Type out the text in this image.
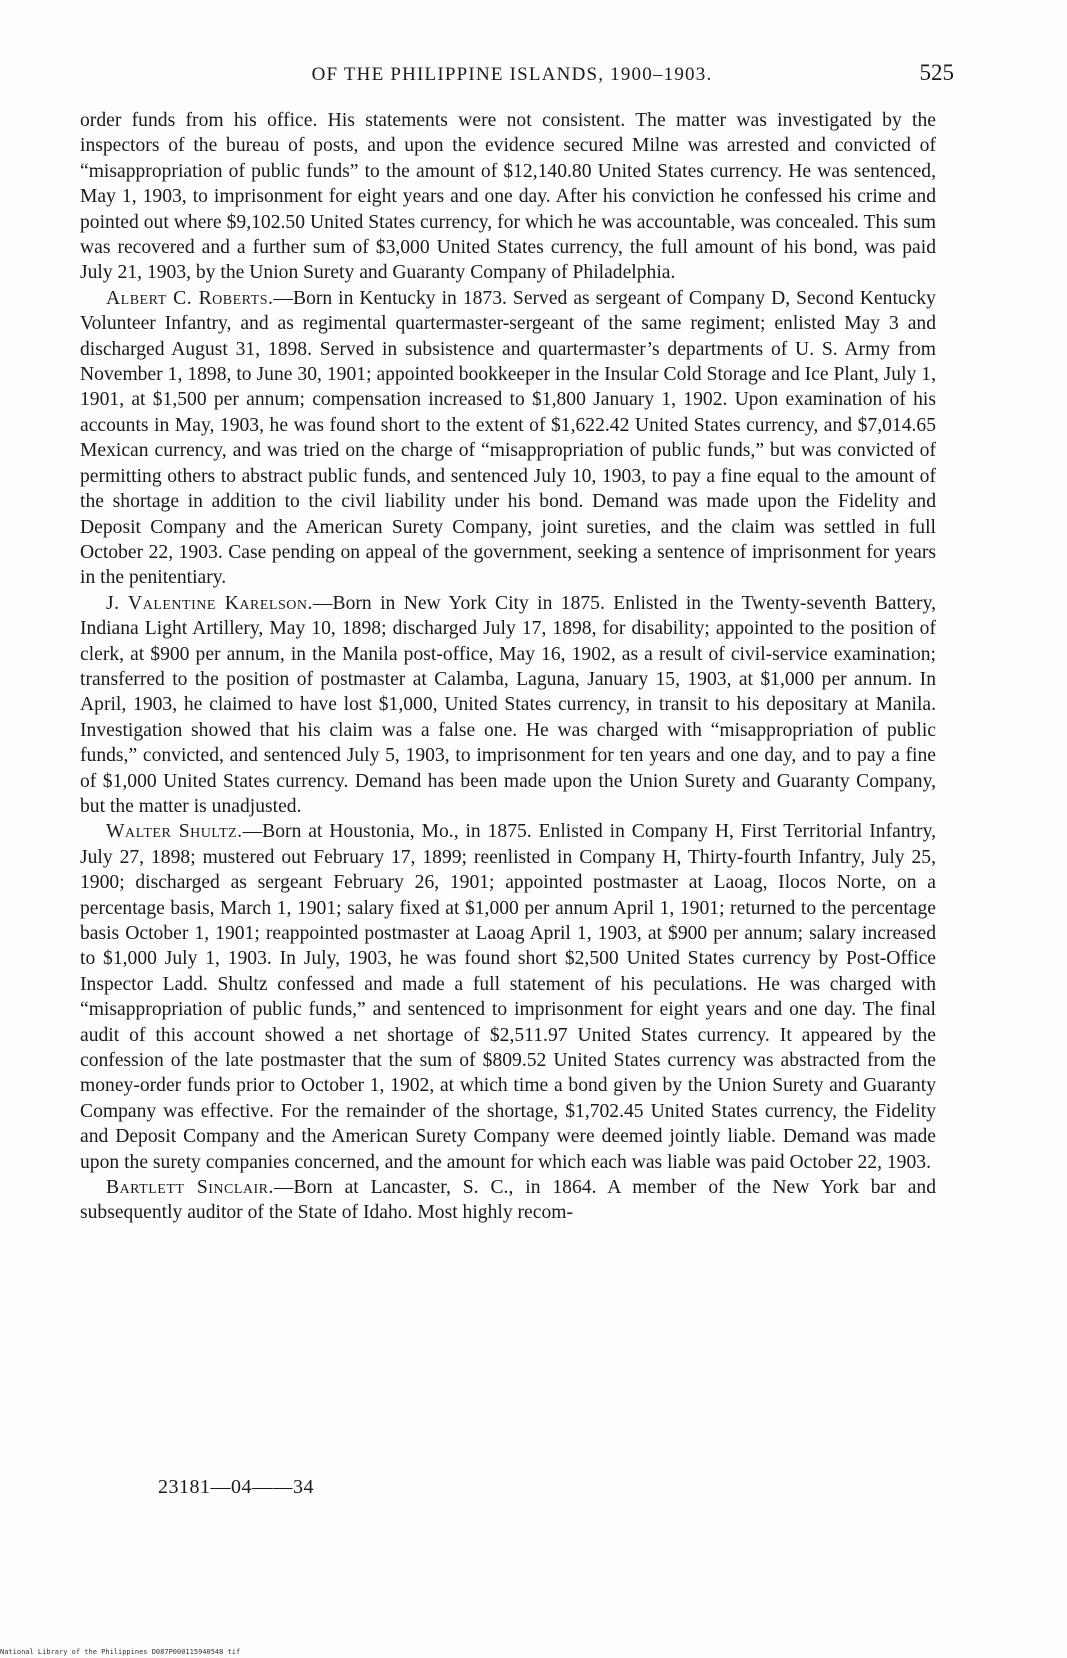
OF THE PHILIPPINE ISLANDS, 1900–1903.	525

order funds from his office. His statements were not consistent. The matter was investigated by the inspectors of the bureau of posts, and upon the evidence secured Milne was arrested and convicted of “misappropriation of public funds” to the amount of $12,140.80 United States currency. He was sentenced, May 1, 1903, to imprisonment for eight years and one day. After his conviction he confessed his crime and pointed out where $9,102.50 United States currency, for which he was accountable, was concealed. This sum was recovered and a further sum of $3,000 United States currency, the full amount of his bond, was paid July 21, 1903, by the Union Surety and Guaranty Company of Philadelphia.

Albert C. Roberts.—Born in Kentucky in 1873. Served as sergeant of Company D, Second Kentucky Volunteer Infantry, and as regimental quartermaster-sergeant of the same regiment; enlisted May 3 and discharged August 31, 1898. Served in subsistence and quartermaster’s departments of U. S. Army from November 1, 1898, to June 30, 1901; appointed bookkeeper in the Insular Cold Storage and Ice Plant, July 1, 1901, at $1,500 per annum; compensation increased to $1,800 January 1, 1902. Upon examination of his accounts in May, 1903, he was found short to the extent of $1,622.42 United States currency, and $7,014.65 Mexican currency, and was tried on the charge of “misappropriation of public funds,” but was convicted of permitting others to abstract public funds, and sentenced July 10, 1903, to pay a fine equal to the amount of the shortage in addition to the civil liability under his bond. Demand was made upon the Fidelity and Deposit Company and the American Surety Company, joint sureties, and the claim was settled in full October 22, 1903. Case pending on appeal of the government, seeking a sentence of imprisonment for years in the penitentiary.

J. Valentine Karelson.—Born in New York City in 1875. Enlisted in the Twenty-seventh Battery, Indiana Light Artillery, May 10, 1898; discharged July 17, 1898, for disability; appointed to the position of clerk, at $900 per annum, in the Manila post-office, May 16, 1902, as a result of civil-service examination; transferred to the position of postmaster at Calamba, Laguna, January 15, 1903, at $1,000 per annum. In April, 1903, he claimed to have lost $1,000, United States currency, in transit to his depositary at Manila. Investigation showed that his claim was a false one. He was charged with “misappropriation of public funds,” convicted, and sentenced July 5, 1903, to imprisonment for ten years and one day, and to pay a fine of $1,000 United States currency. Demand has been made upon the Union Surety and Guaranty Company, but the matter is unadjusted.

Walter Shultz.—Born at Houstonia, Mo., in 1875. Enlisted in Company H, First Territorial Infantry, July 27, 1898; mustered out February 17, 1899; reenlisted in Company H, Thirty-fourth Infantry, July 25, 1900; discharged as sergeant February 26, 1901; appointed postmaster at Laoag, Ilocos Norte, on a percentage basis, March 1, 1901; salary fixed at $1,000 per annum April 1, 1901; returned to the percentage basis October 1, 1901; reappointed postmaster at Laoag April 1, 1903, at $900 per annum; salary increased to $1,000 July 1, 1903. In July, 1903, he was found short $2,500 United States currency by Post-Office Inspector Ladd. Shultz confessed and made a full statement of his peculations. He was charged with “misappropriation of public funds,” and sentenced to imprisonment for eight years and one day. The final audit of this account showed a net shortage of $2,511.97 United States currency. It appeared by the confession of the late postmaster that the sum of $809.52 United States currency was abstracted from the money-order funds prior to October 1, 1902, at which time a bond given by the Union Surety and Guaranty Company was effective. For the remainder of the shortage, $1,702.45 United States currency, the Fidelity and Deposit Company and the American Surety Company were deemed jointly liable. Demand was made upon the surety companies concerned, and the amount for which each was liable was paid October 22, 1903.

Bartlett Sinclair.—Born at Lancaster, S. C., in 1864. A member of the New York bar and subsequently auditor of the State of Idaho. Most highly recom-

23181—04——34
National Library of the Philippines D087P000115940548 tif
